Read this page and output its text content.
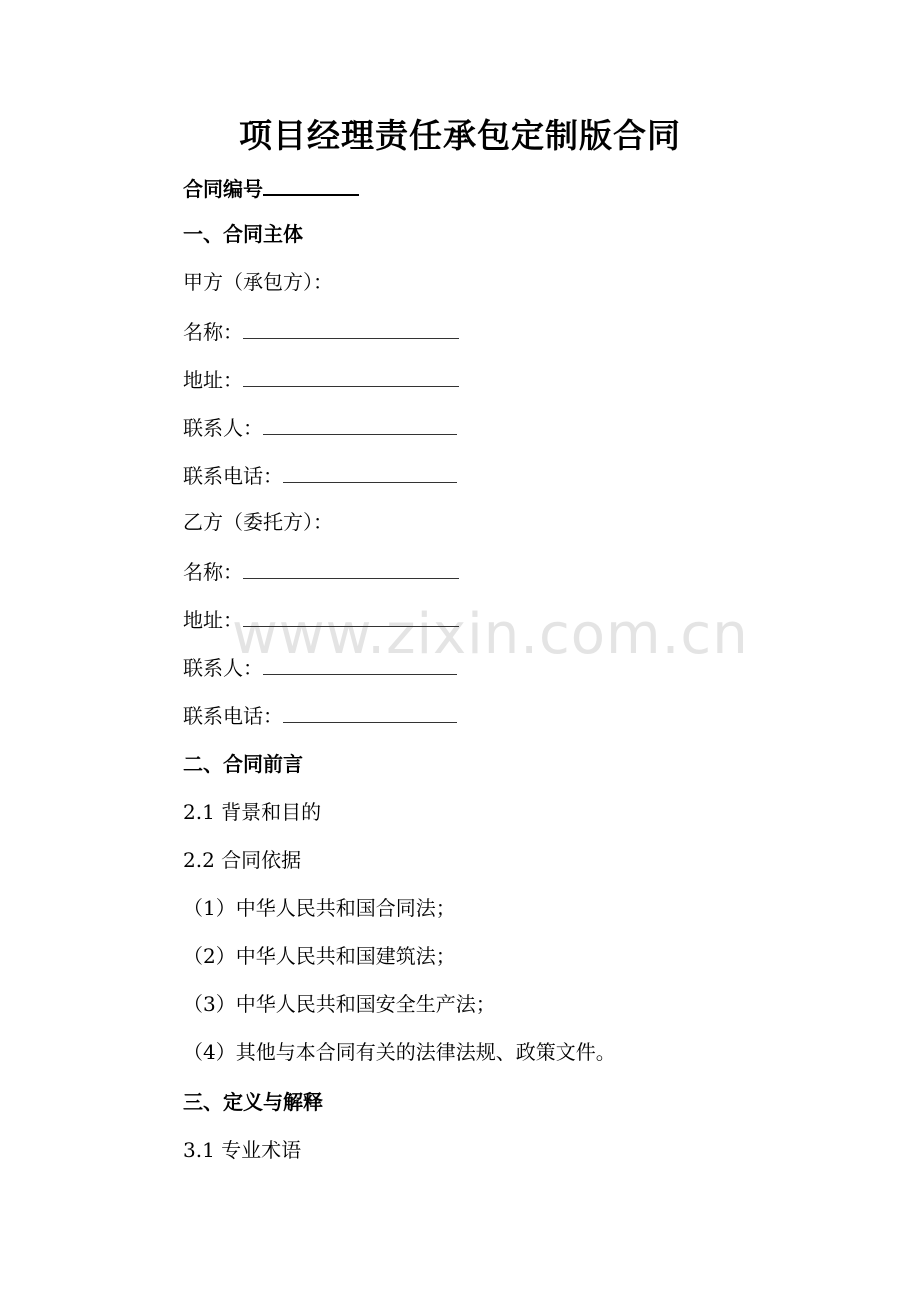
www.zixin.com.cn
项目经理责任承包定制版合同
合同编号
一、合同主体
甲方（承包方）：
名称：
地址：
联系人：
联系电话：
乙方（委托方）：
名称：
地址：
联系人：
联系电话：
二、合同前言
2.1 背景和目的
2.2 合同依据
（1）中华人民共和国合同法；
（2）中华人民共和国建筑法；
（3）中华人民共和国安全生产法；
（4）其他与本合同有关的法律法规、政策文件。
三、定义与解释
3.1 专业术语
